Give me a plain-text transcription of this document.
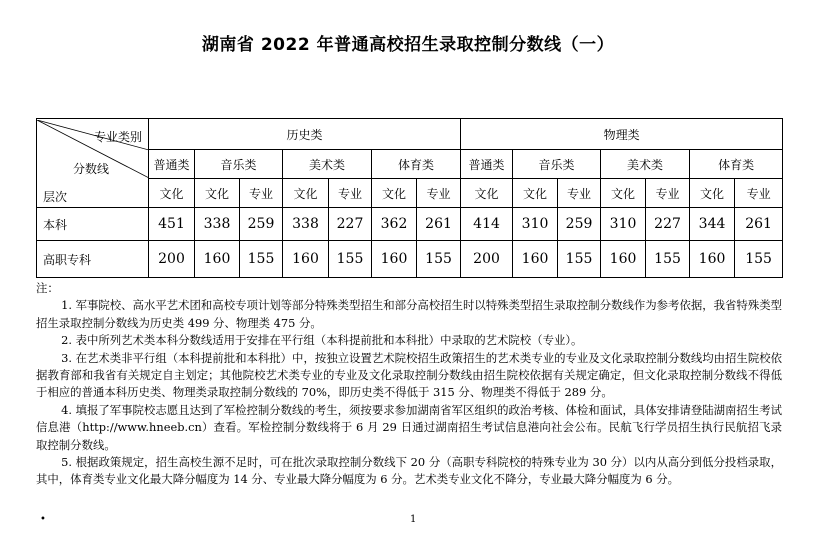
湖南省 2022 年普通高校招生录取控制分数线（一）
专业类别
分数线
层次	历史类							物理类						
	普通类	音乐类		美术类		体育类		普通类	音乐类		美术类		体育类	
	文化	文化	专业	文化	专业	文化	专业	文化	文化	专业	文化	专业	文化	专业
本科	451	338	259	338	227	362	261	414	310	259	310	227	344	261
高职专科	200	160	155	160	155	160	155	200	160	155	160	155	160	155
注：

1. 军事院校、高水平艺术团和高校专项计划等部分特殊类型招生和部分高校招生时以特殊类型招生录取控制分数线作为参考依据，我省特殊类型招生录取控制分数线为历史类 499 分、物理类 475 分。

2. 表中所列艺术类本科分数线适用于安排在平行组（本科提前批和本科批）中录取的艺术院校（专业）。

3. 在艺术类非平行组（本科提前批和本科批）中，按独立设置艺术院校招生政策招生的艺术类专业的专业及文化录取控制分数线均由招生院校依据教育部和我省有关规定自主划定；其他院校艺术类专业的专业及文化录取控制分数线由招生院校依据有关规定确定，但文化录取控制分数线不得低于相应的普通本科历史类、物理类录取控制分数线的 70%，即历史类不得低于 315 分、物理类不得低于 289 分。

4. 填报了军事院校志愿且达到了军检控制分数线的考生，须按要求参加湖南省军区组织的政治考核、体检和面试，具体安排请登陆湖南招生考试信息港（http://www.hneeb.cn）查看。军检控制分数线将于 6 月 29 日通过湖南招生考试信息港向社会公布。民航飞行学员招生执行民航招飞录取控制分数线。

5. 根据政策规定，招生高校生源不足时，可在批次录取控制分数线下 20 分（高职专科院校的特殊专业为 30 分）以内从高分到低分投档录取，其中，体育类专业文化最大降分幅度为 14 分、专业最大降分幅度为 6 分。艺术类专业文化不降分，专业最大降分幅度为 6 分。

•	1
